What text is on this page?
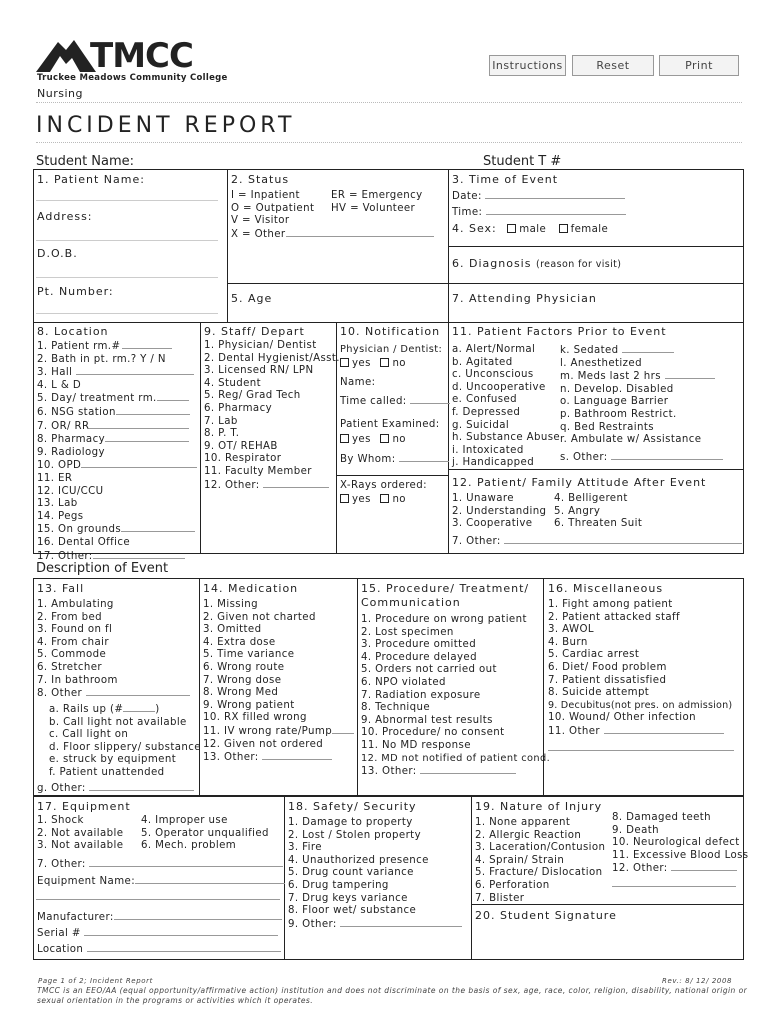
TMCC
Truckee Meadows Community College
Nursing
Instructions	Reset	Print
INCIDENT REPORT
Student Name:	Student T #
1. Patient Name:
Address:
D.O.B.
Pt. Number:
2. Status
I = Inpatient
O = Outpatient
V = Visitor
X = Other
ER = Emergency
HV = Volunteer
3. Time of Event
Date:
Time:
4. Sex: male female
6. Diagnosis (reason for visit)
5. Age	7. Attending Physician
8. Location
1. Patient rm.#
2. Bath in pt. rm.? Y / N
3. Hall
4. L & D
5. Day/ treatment rm.
6. NSG station
7. OR/ RR
8. Pharmacy
9. Radiology
10. OPD
11. ER
12. ICU/CCU
13. Lab
14. Pegs
15. On grounds
16. Dental Office
17. Other:
9. Staff/ Depart
1. Physician/ Dentist
2. Dental Hygienist/Asst.
3. Licensed RN/ LPN
4. Student
5. Reg/ Grad Tech
6. Pharmacy
7. Lab
8. P. T.
9. OT/ REHAB
10. Respirator
11. Faculty Member
12. Other:
10. Notification
Physician / Dentist:
yes no
Name:
Time called:
Patient Examined:
yes no
By Whom:
X-Rays ordered:
yes no
11. Patient Factors Prior to Event
a. Alert/Normal
b. Agitated
c. Unconscious
d. Uncooperative
e. Confused
f. Depressed
g. Suicidal
h. Substance Abuse
i. Intoxicated
j. Handicapped
k. Sedated
l. Anesthetized
m. Meds last 2 hrs
n. Develop. Disabled
o. Language Barrier
p. Bathroom Restrict.
q. Bed Restraints
r. Ambulate w/ Assistance
s. Other:
12. Patient/ Family Attitude After Event
1. Unaware
2. Understanding
3. Cooperative
4. Belligerent
5. Angry
6. Threaten Suit
7. Other:
Description of Event
13. Fall
1. Ambulating
2. From bed
3. Found on fl
4. From chair
5. Commode
6. Stretcher
7. In bathroom
8. Other
a. Rails up (#	)
b. Call light not available
c. Call light on
d. Floor slippery/ substance
e. struck by equipment
f. Patient unattended
g. Other:
14. Medication
1. Missing
2. Given not charted
3. Omitted
4. Extra dose
5. Time variance
6. Wrong route
7. Wrong dose
8. Wrong Med
9. Wrong patient
10. RX filled wrong
11. IV wrong rate/Pump
12. Given not ordered
13. Other:
15. Procedure/ Treatment/
Communication
1. Procedure on wrong patient
2. Lost specimen
3. Procedure omitted
4. Procedure delayed
5. Orders not carried out
6. NPO violated
7. Radiation exposure
8. Technique
9. Abnormal test results
10. Procedure/ no consent
11. No MD response
12. MD not notified of patient cond.
13. Other:
16. Miscellaneous
1. Fight among patient
2. Patient attacked staff
3. AWOL
4. Burn
5. Cardiac arrest
6. Diet/ Food problem
7. Patient dissatisfied
8. Suicide attempt
9. Decubitus(not pres. on admission)
10. Wound/ Other infection
11. Other
17. Equipment
1. Shock
2. Not available
3. Not available
4. Improper use
5. Operator unqualified
6. Mech. problem
7. Other:
Equipment Name:
Manufacturer:
Serial #
Location
18. Safety/ Security
1. Damage to property
2. Lost / Stolen property
3. Fire
4. Unauthorized presence
5. Drug count variance
6. Drug tampering
7. Drug keys variance
8. Floor wet/ substance
9. Other:
19. Nature of Injury
1. None apparent
2. Allergic Reaction
3. Laceration/Contusion
4. Sprain/ Strain
5. Fracture/ Dislocation
6. Perforation
7. Blister
8. Damaged teeth
9. Death
10. Neurological defect
11. Excessive Blood Loss
12. Other:
20. Student Signature
Page 1 of 2; Incident Report	Rev.: 8/ 12/ 2008
TMCC is an EEO/AA (equal opportunity/affirmative action) institution and does not discriminate on the basis of sex, age, race, color, religion, disability, national origin or
sexual orientation in the programs or activities which it operates.
